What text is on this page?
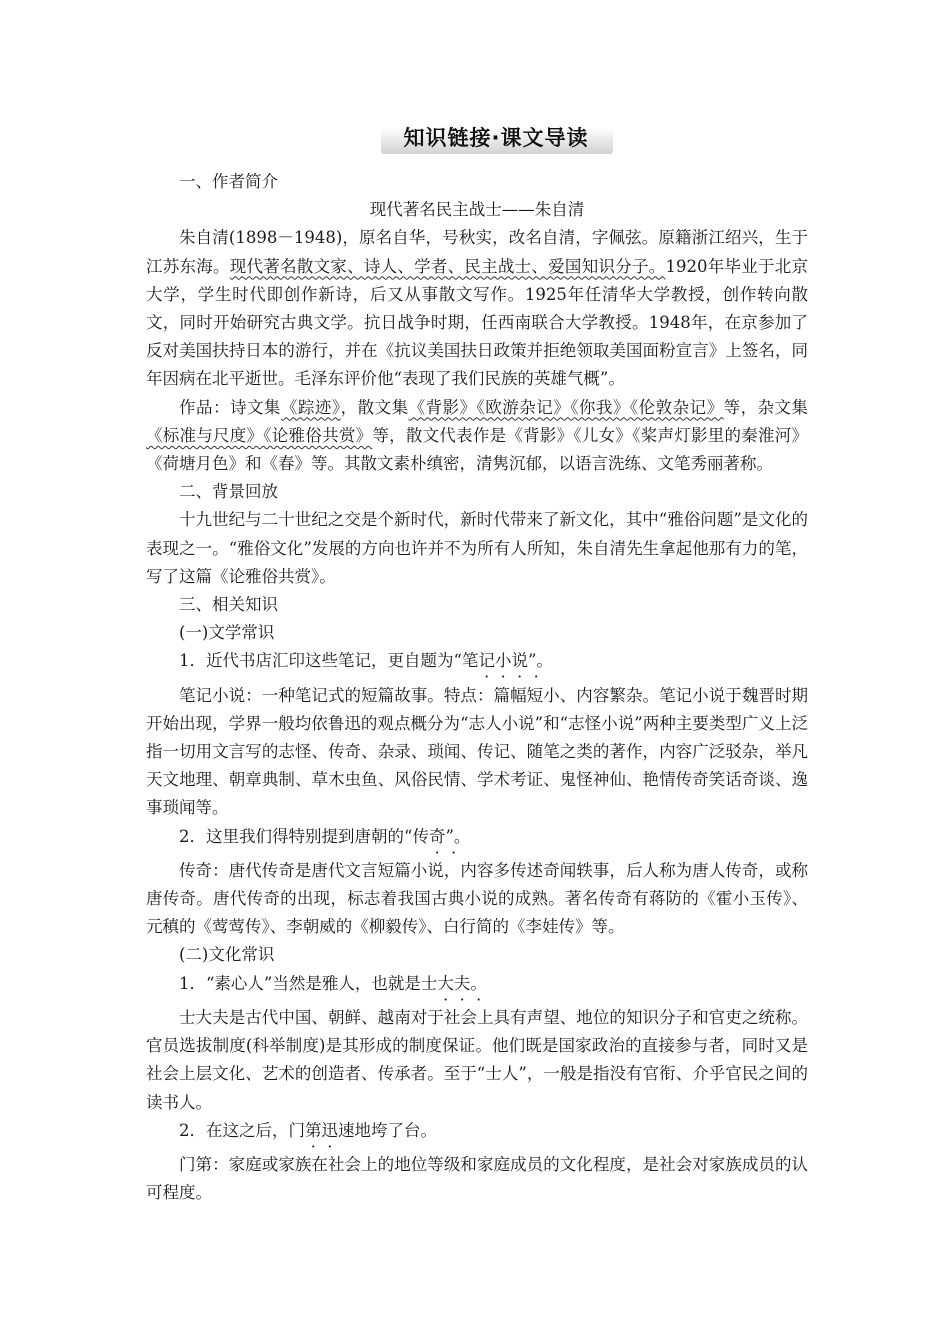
知识链接·课文导读

一、作者简介

现代著名民主战士——朱自清

朱自清(1898－1948)，原名自华，号秋实，改名自清，字佩弦。原籍浙江绍兴，生于江苏东海。现代著名散文家、诗人、学者、民主战士、爱国知识分子。1920年毕业于北京大学，学生时代即创作新诗，后又从事散文写作。1925年任清华大学教授，创作转向散文，同时开始研究古典文学。抗日战争时期，任西南联合大学教授。1948年，在京参加了反对美国扶持日本的游行，并在《抗议美国扶日政策并拒绝领取美国面粉宣言》上签名，同年因病在北平逝世。毛泽东评价他“表现了我们民族的英雄气概”。

作品：诗文集《踪迹》，散文集《背影》《欧游杂记》《你我》《伦敦杂记》等，杂文集《标准与尺度》《论雅俗共赏》等，散文代表作是《背影》《儿女》《桨声灯影里的秦淮河》《荷塘月色》和《春》等。其散文素朴缜密，清隽沉郁，以语言洗练、文笔秀丽著称。

二、背景回放

十九世纪与二十世纪之交是个新时代，新时代带来了新文化，其中“雅俗问题”是文化的表现之一。“雅俗文化”发展的方向也许并不为所有人所知，朱自清先生拿起他那有力的笔，写了这篇《论雅俗共赏》。

三、相关知识

(一)文学常识

1．近代书店汇印这些笔记，更自题为“笔记小说”。

笔记小说：一种笔记式的短篇故事。特点：篇幅短小、内容繁杂。笔记小说于魏晋时期开始出现，学界一般均依鲁迅的观点概分为“志人小说”和“志怪小说”两种主要类型广义上泛指一切用文言写的志怪、传奇、杂录、琐闻、传记、随笔之类的著作，内容广泛驳杂，举凡天文地理、朝章典制、草木虫鱼、风俗民情、学术考证、鬼怪神仙、艳情传奇笑话奇谈、逸事琐闻等。

2．这里我们得特别提到唐朝的“传奇”。

传奇：唐代传奇是唐代文言短篇小说，内容多传述奇闻轶事，后人称为唐人传奇，或称唐传奇。唐代传奇的出现，标志着我国古典小说的成熟。著名传奇有蒋防的《霍小玉传》、元稹的《莺莺传》、李朝威的《柳毅传》、白行简的《李娃传》等。

(二)文化常识

1．“素心人”当然是雅人，也就是士大夫。

士大夫是古代中国、朝鲜、越南对于社会上具有声望、地位的知识分子和官吏之统称。官员选拔制度(科举制度)是其形成的制度保证。他们既是国家政治的直接参与者，同时又是社会上层文化、艺术的创造者、传承者。至于“士人”，一般是指没有官衔、介乎官民之间的读书人。

2．在这之后，门第迅速地垮了台。

门第：家庭或家族在社会上的地位等级和家庭成员的文化程度，是社会对家族成员的认可程度。
